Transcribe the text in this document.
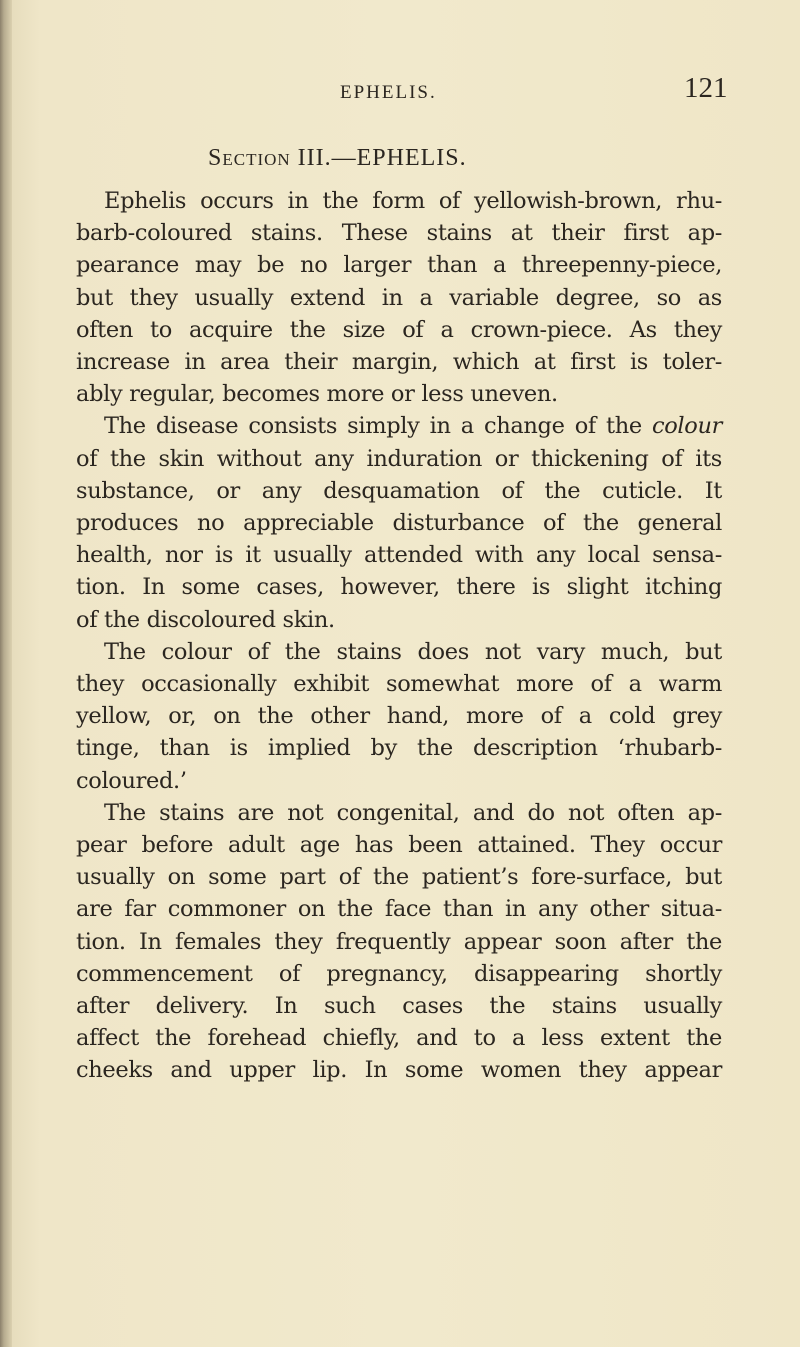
EPHELIS.	121
Section III.—EPHELIS.
Ephelis occurs in the form of yellowish-brown, rhu-
barb-coloured stains. These stains at their first ap-
pearance may be no larger than a threepenny-piece,
but they usually extend in a variable degree, so as
often to acquire the size of a crown-piece. As they
increase in area their margin, which at first is toler-
ably regular, becomes more or less uneven.
The disease consists simply in a change of the colour
of the skin without any induration or thickening of its
substance, or any desquamation of the cuticle. It
produces no appreciable disturbance of the general
health, nor is it usually attended with any local sensa-
tion. In some cases, however, there is slight itching
of the discoloured skin.
The colour of the stains does not vary much, but
they occasionally exhibit somewhat more of a warm
yellow, or, on the other hand, more of a cold grey
tinge, than is implied by the description ‘rhubarb-
coloured.’
The stains are not congenital, and do not often ap-
pear before adult age has been attained. They occur
usually on some part of the patient’s fore-surface, but
are far commoner on the face than in any other situa-
tion. In females they frequently appear soon after the
commencement of pregnancy, disappearing shortly
after delivery. In such cases the stains usually
affect the forehead chiefly, and to a less extent the
cheeks and upper lip. In some women they appear
